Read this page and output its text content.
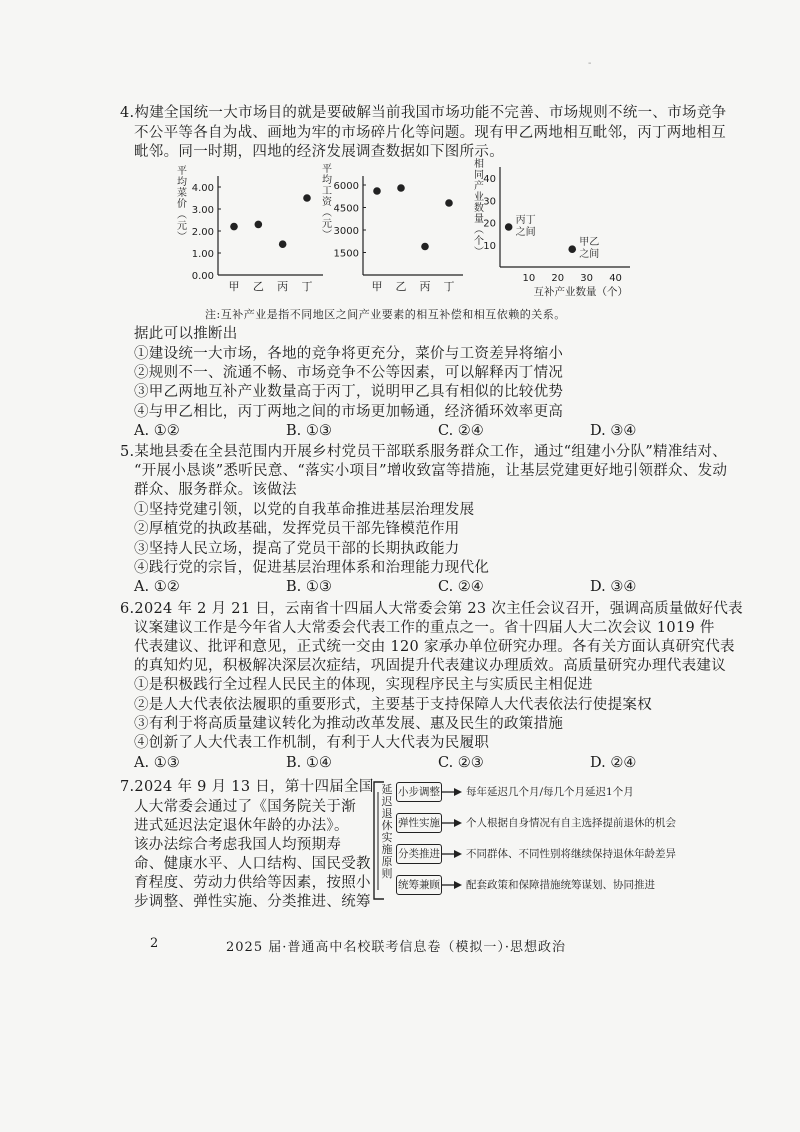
-
4.构建全国统一大市场目的就是要破解当前我国市场功能不完善、市场规则不统一、市场竞争
不公平等各自为战、画地为牢的市场碎片化等问题。现有甲乙两地相互毗邻，丙丁两地相互
毗邻。同一时期，四地的经济发展调查数据如下图所示。
平
均
菜
价
︵
元
︶
4.00
3.00
2.00
1.00
0.00
甲 乙 丙 丁
平
均
工
资
︵
元
︶
6000
4500
3000
1500
甲 乙 丙 丁
相
同
产
业
数
量
︵
个
︶
40
30
20
10
10 20 30 40
互补产业数量（个）
丙丁
之间
甲乙
之间
注:互补产业是指不同地区之间产业要素的相互补偿和相互依赖的关系。
据此可以推断出
①建设统一大市场，各地的竞争将更充分，菜价与工资差异将缩小
②规则不一、流通不畅、市场竞争不公等因素，可以解释丙丁情况
③甲乙两地互补产业数量高于丙丁，说明甲乙具有相似的比较优势
④与甲乙相比，丙丁两地之间的市场更加畅通，经济循环效率更高
A. ①②	B. ①③	C. ②④	D. ③④
5.某地县委在全县范围内开展乡村党员干部联系服务群众工作，通过“组建小分队”精准结对、
“开展小恳谈”悉听民意、“落实小项目”增收致富等措施，让基层党建更好地引领群众、发动
群众、服务群众。该做法
①坚持党建引领，以党的自我革命推进基层治理发展
②厚植党的执政基础，发挥党员干部先锋模范作用
③坚持人民立场，提高了党员干部的长期执政能力
④践行党的宗旨，促进基层治理体系和治理能力现代化
A. ①②	B. ①③	C. ②④	D. ③④
6.2024 年 2 月 21 日，云南省十四届人大常委会第 23 次主任会议召开，强调高质量做好代表
议案建议工作是今年省人大常委会代表工作的重点之一。省十四届人大二次会议 1019 件
代表建议、批评和意见，正式统一交由 120 家承办单位研究办理。各有关方面认真研究代表
的真知灼见，积极解决深层次症结，巩固提升代表建议办理质效。高质量研究办理代表建议
①是积极践行全过程人民民主的体现，实现程序民主与实质民主相促进
②是人大代表依法履职的重要形式，主要基于支持保障人大代表依法行使提案权
③有利于将高质量建议转化为推动改革发展、惠及民生的政策措施
④创新了人大代表工作机制，有利于人大代表为民履职
A. ①③	B. ①④	C. ②③	D. ②④
7.2024 年 9 月 13 日，第十四届全国
人大常委会通过了《国务院关于渐
进式延迟法定退休年龄的办法》。
该办法综合考虑我国人均预期寿
命、健康水平、人口结构、国民受教
育程度、劳动力供给等因素，按照小
步调整、弹性实施、分类推进、统筹
延迟退休实施原则
小步调整 每年延迟几个月/每几个月延迟1个月
弹性实施 个人根据自身情况有自主选择提前退休的机会
分类推进 不同群体、不同性别将继续保持退休年龄差异
统筹兼顾 配套政策和保障措施统筹谋划、协同推进
2	2025 届·普通高中名校联考信息卷（模拟一）·思想政治
